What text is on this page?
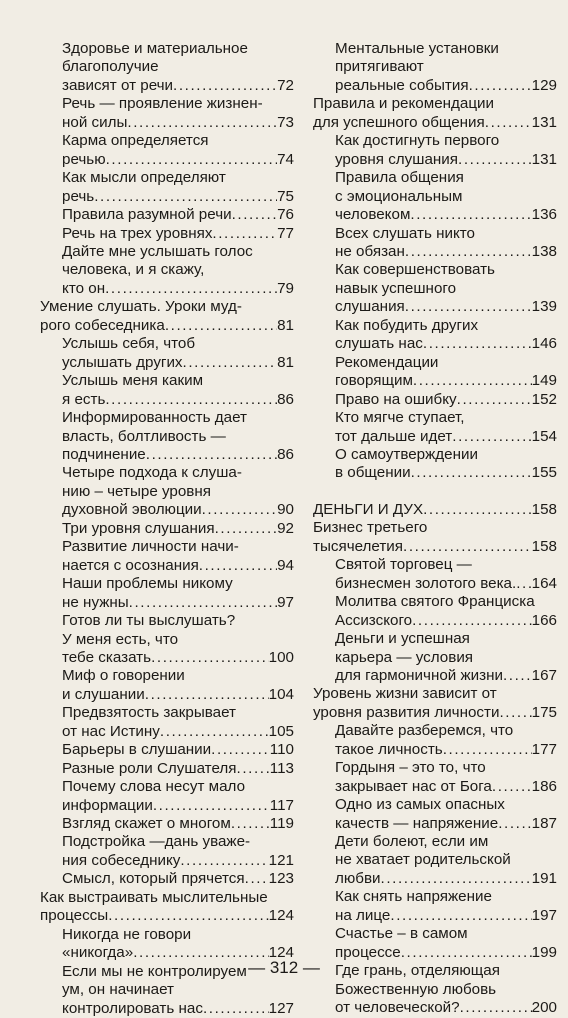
Здоровье и материальное
благополучие
зависят от речи .....	72
Речь — проявление жизнен-
ной силы .....	73
Карма определяется
речью .....	74
Как мысли определяют
речь .....	75
Правила разумной речи .....	76
Речь на трех уровнях .....	77
Дайте мне услышать голос
человека, и я скажу,
кто он .....	79
Умение слушать. Уроки муд-
рого собеседника .....	81
Услышь себя, чтоб
услышать других .....	81
Услышь меня каким
я есть .....	86
Информированность дает
власть, болтливость —
подчинение .....	86
Четыре подхода к слуша-
нию – четыре уровня
духовной эволюции .....	90
Три уровня слушания .....	92
Развитие личности начи-
нается с осознания .....	94
Наши проблемы никому
не нужны .....	97
Готов ли ты выслушать?
У меня есть, что
тебе сказать .....	100
Миф о говорении
и слушании .....	104
Предвзятость закрывает
от нас Истину .....	105
Барьеры в слушании .....	110
Разные роли Слушателя ..... 113
Почему слова несут мало
информации .....	117
Взгляд скажет о многом .....	119
Подстройка —дань уваже-
ния собеседнику .....	121
Смысл, который прячется ..... 123
Как выстраивать мыслительные
процессы .....	124
Никогда не говори
«никогда» .....	124
Если мы не контролируем
ум, он начинает
контролировать нас .....	127
Ментальные установки
притягивают
реальные события .....	129
Правила и рекомендации
для успешного общения .....	131
Как достигнуть первого
уровня слушания .....	131
Правила общения
с эмоциональным
человеком .....	136
Всех слушать никто
не обязан .....	138
Как совершенствовать
навык успешного
слушания .....	139
Как побудить других
слушать нас .....	146
Рекомендации
говорящим .....	149
Право на ошибку .....	152
Кто мягче ступает,
тот дальше идет .....	154
О самоутверждении
в общении .....	155
ДЕНЬГИ И ДУХ .....	158
Бизнес третьего
тысячелетия .....	158
Святой торговец —
бизнесмен золотого века. ..... 164
Молитва святого Франциска
Ассизского .....	166
Деньги и успешная
карьера — условия
для гармоничной жизни ..... 167
Уровень жизни зависит от
уровня развития личности ..... 175
Давайте разберемся, что
такое личность .....	177
Гордыня – это то, что
закрывает нас от Бога .....	186
Одно из самых опасных
качеств — напряжение ..... 187
Дети болеют, если им
не хватает родительской
любви .....	191
Как снять напряжение
на лице .....	197
Счастье – в самом
процессе .....	199
Где грань, отделяющая
Божественную любовь
от человеческой? .....	200
— 312 —
